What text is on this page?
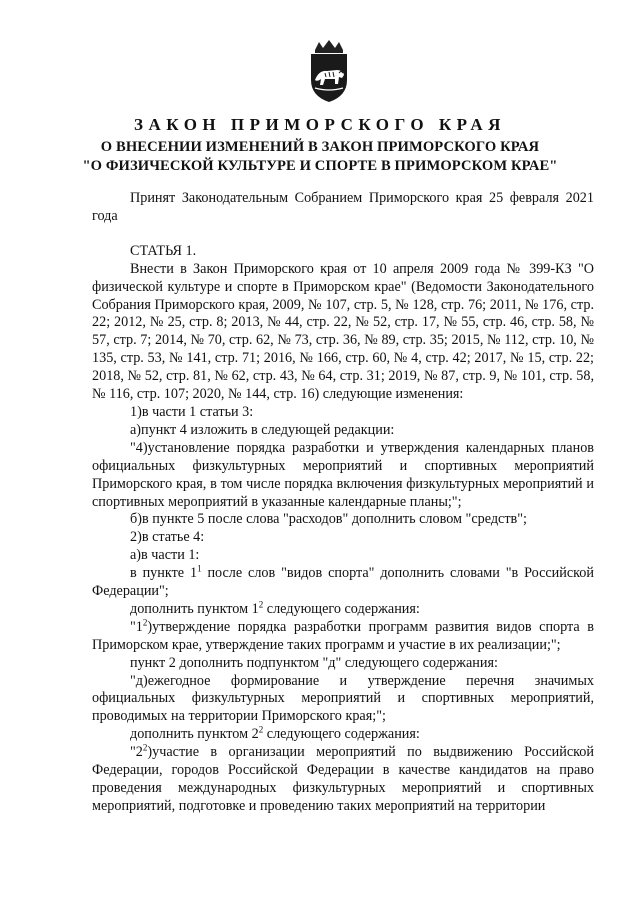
ЗАКОН ПРИМОРСКОГО КРАЯ
О ВНЕСЕНИИ ИЗМЕНЕНИЙ В ЗАКОН ПРИМОРСКОГО КРАЯ
"О ФИЗИЧЕСКОЙ КУЛЬТУРЕ И СПОРТЕ В ПРИМОРСКОМ КРАЕ"

Принят Законодательным Собранием Приморского края 25 февраля 2021 года

СТАТЬЯ 1.

Внести в Закон Приморского края от 10 апреля 2009 года № 399-КЗ "О физической культуре и спорте в Приморском крае" (Ведомости Законодательного Собрания Приморского края, 2009, № 107, стр. 5, № 128, стр. 76; 2011, № 176, стр. 22; 2012, № 25, стр. 8; 2013, № 44, стр. 22, № 52, стр. 17, № 55, стр. 46, стр. 58, № 57, стр. 7; 2014, № 70, стр. 62, № 73, стр. 36, № 89, стр. 35; 2015, № 112, стр. 10, № 135, стр. 53, № 141, стр. 71; 2016, № 166, стр. 60, № 4, стр. 42; 2017, № 15, стр. 22; 2018, № 52, стр. 81, № 62, стр. 43, № 64, стр. 31; 2019, № 87, стр. 9, № 101, стр. 58, № 116, стр. 107; 2020, № 144, стр. 16) следующие изменения:

1)в части 1 статьи 3:

а)пункт 4 изложить в следующей редакции:

"4)установление порядка разработки и утверждения календарных планов официальных физкультурных мероприятий и спортивных мероприятий Приморского края, в том числе порядка включения физкультурных мероприятий и спортивных мероприятий в указанные календарные планы;";

б)в пункте 5 после слова "расходов" дополнить словом "средств";

2)в статье 4:

а)в части 1:

в пункте $1^1$ после слов "видов спорта" дополнить словами "в Российской Федерации";

дополнить пунктом $1^2$ следующего содержания:

"$1^2)утверждение$ порядка разработки программ развития видов спорта в Приморском крае, утверждение таких программ и участие в их реализации;";

пункт 2 дополнить подпунктом "д" следующего содержания:

"д)ежегодное формирование и утверждение перечня значимых официальных физкультурных мероприятий и спортивных мероприятий, проводимых на территории Приморского края;";

дополнить пунктом $2^2$ следующего содержания:

"$2^2)участие$ в организации мероприятий по выдвижению Российской Федерации, городов Российской Федерации в качестве кандидатов на право проведения международных физкультурных мероприятий и спортивных мероприятий, подготовке и проведению таких мероприятий на территории
